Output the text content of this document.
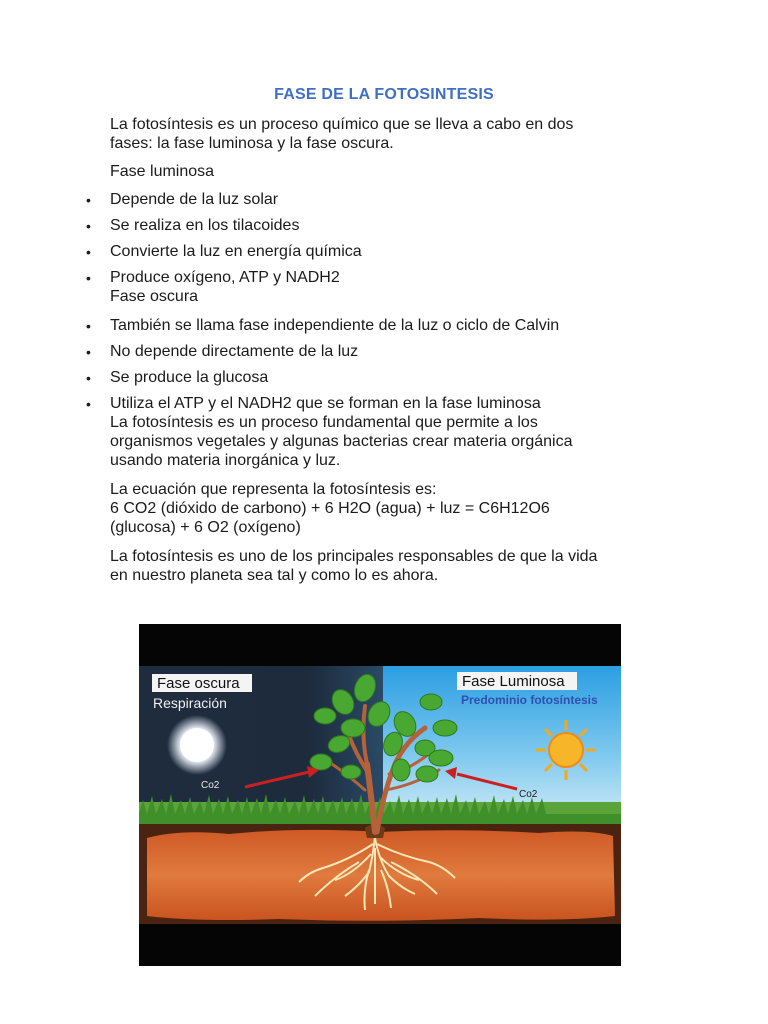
FASE DE LA FOTOSINTESIS

La fotosíntesis es un proceso químico que se lleva a cabo en dos

fases: la fase luminosa y la fase oscura.

Fase luminosa

• Depende de la luz solar

• Se realiza en los tilacoides

• Convierte la luz en energía química

• Produce oxígeno, ATP y NADH2

Fase oscura

• También se llama fase independiente de la luz o ciclo de Calvin

• No depende directamente de la luz

• Se produce la glucosa

• Utiliza el ATP y el NADH2 que se forman en la fase luminosa

La fotosíntesis es un proceso fundamental que permite a los

organismos vegetales y algunas bacterias crear materia orgánica

usando materia inorgánica y luz.

La ecuación que representa la fotosíntesis es:

6 CO2 (dióxido de carbono) + 6 H2O (agua) + luz = C6H12O6

(glucosa) + 6 O2 (oxígeno)

La fotosíntesis es uno de los principales responsables de que la vida

en nuestro planeta sea tal y como lo es ahora.

Fase oscura
Respiración
Fase Luminosa
Predominio fotosíntesis
Co2
Co2
